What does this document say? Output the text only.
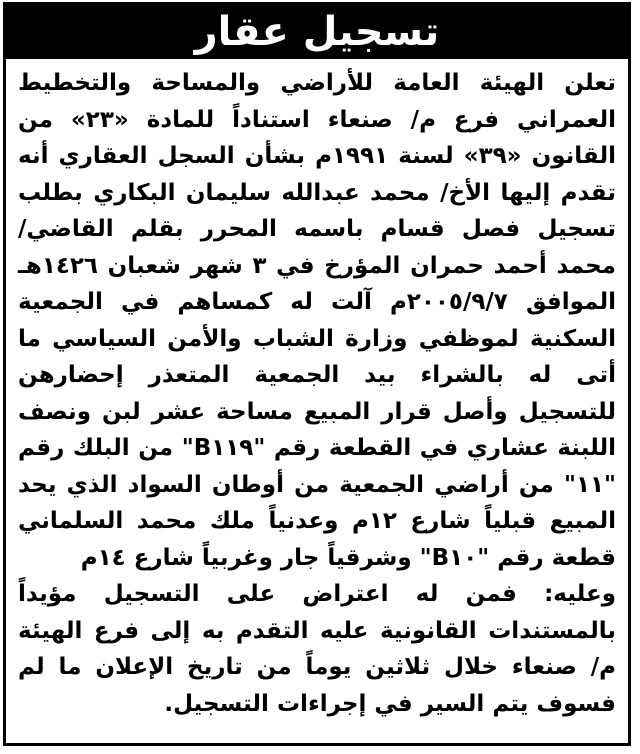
تسجيل عقار

تعلن الهيئة العامة للأراضي والمساحة والتخطيط العمراني فرع م/ صنعاء استناداً للمادة «٢٣» من القانون «٣٩» لسنة ١٩٩١م بشأن السجل العقاري أنه تقدم إليها الأخ/ محمد عبدالله سليمان البكاري بطلب تسجيل فصل قسام باسمه المحرر بقلم القاضي/ محمد أحمد حمران المؤرخ في ٣ شهر شعبان ١٤٢٦هـ الموافق ٢٠٠٥/٩/٧م آلت له كمساهم في الجمعية السكنية لموظفي وزارة الشباب والأمن السياسي ما أتى له بالشراء بيد الجمعية المتعذر إحضارهن للتسجيل وأصل قرار المبيع مساحة عشر لبن ونصف اللبنة عشاري في القطعة رقم "B١١٩" من البلك رقم "١١" من أراضي الجمعية من أوطان السواد الذي يحد المبيع قبلياً شارع ١٢م وعدنياً ملك محمد السلماني قطعة رقم "B١٠" وشرقياً جار وغربياً شارع ١٤م

وعليه: فمن له اعتراض على التسجيل مؤيداً بالمستندات القانونية عليه التقدم به إلى فرع الهيئة م/ صنعاء خلال ثلاثين يوماً من تاريخ الإعلان ما لم فسوف يتم السير في إجراءات التسجيل.
